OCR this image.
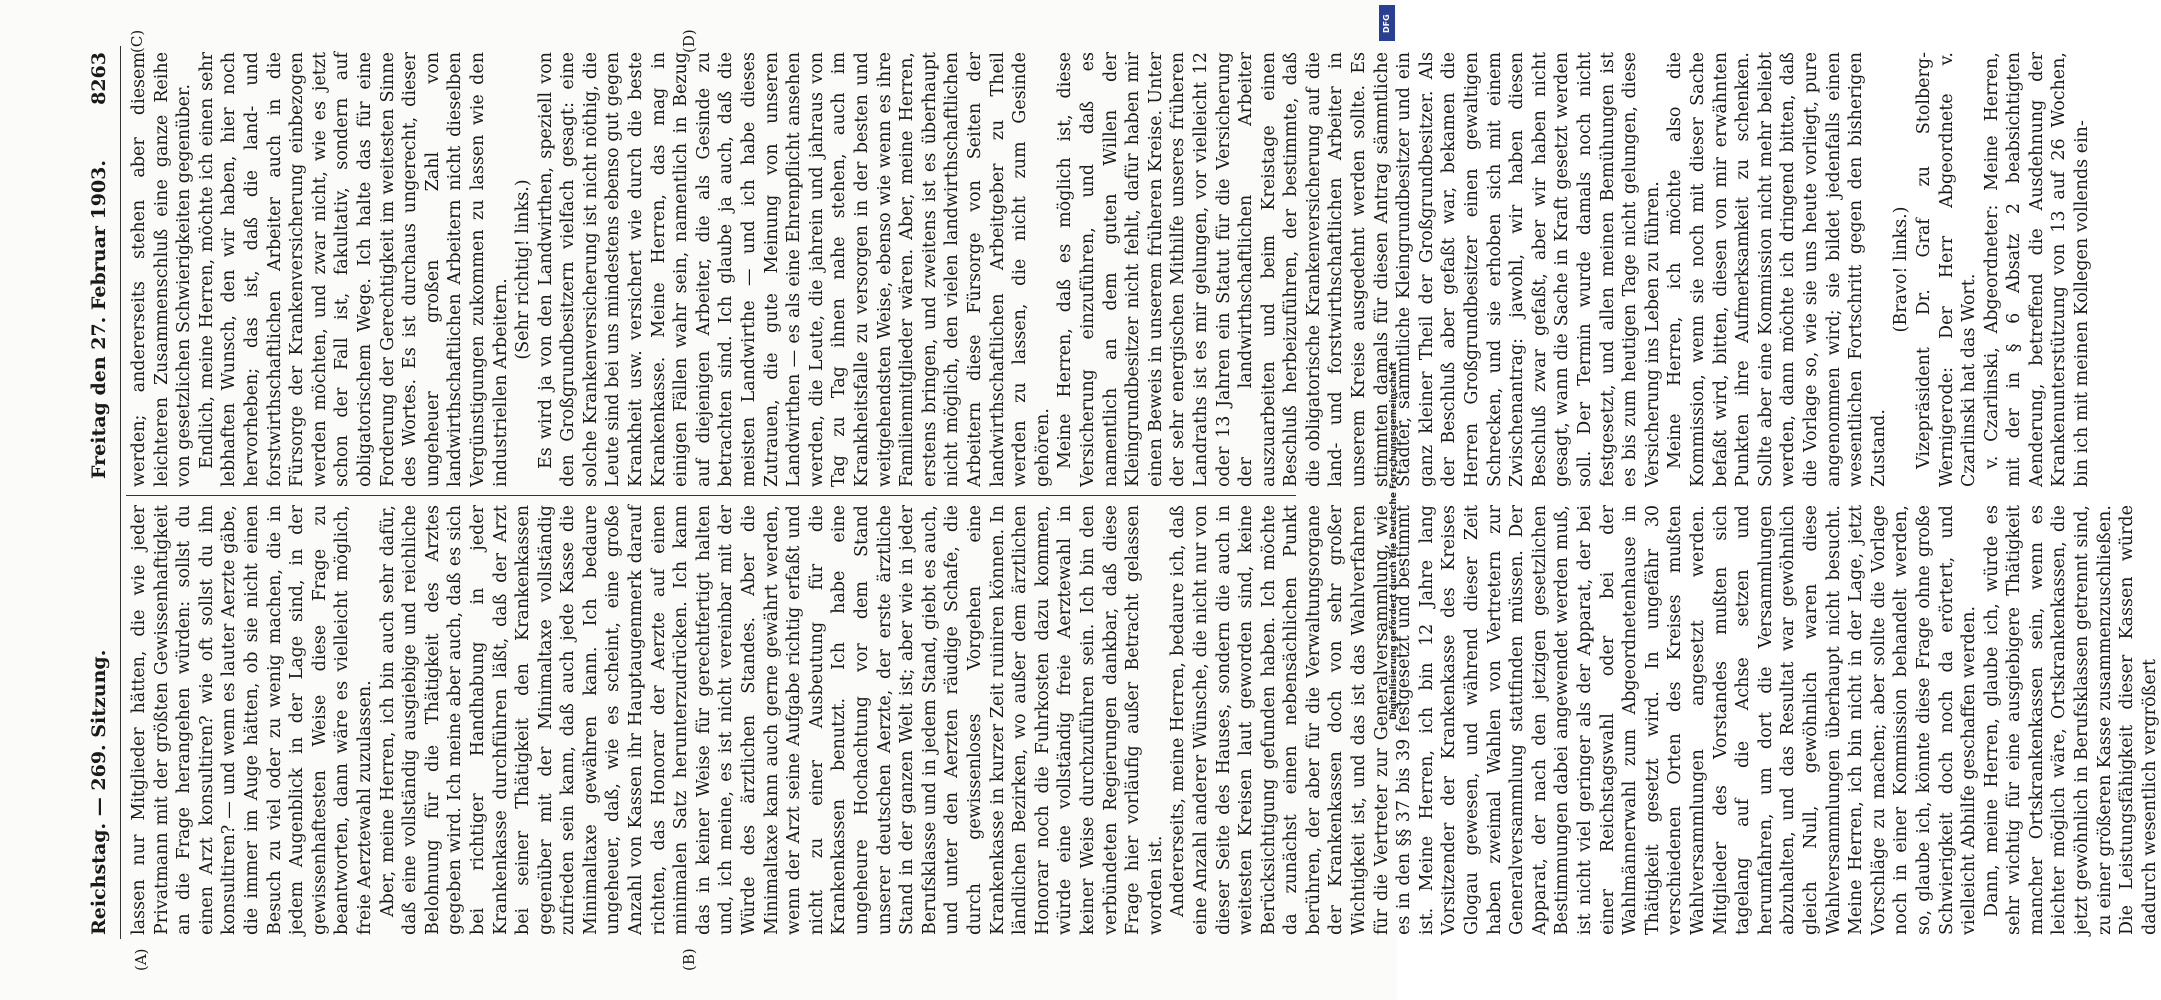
Reichstag. — 269. Sitzung.
8263
Freitag den 27. Februar 1903.
(A)	(B)
(C)	(D)

lassen nur Mitglieder hätten, die wie jeder Privatmann mit der größten Gewissenhaftigkeit an die Frage herangehen würden: sollst du einen Arzt konsultiren? wie oft sollst du ihn konsultiren? — und wenn es lauter Aerzte gäbe, die immer im Auge hätten, ob sie nicht einen Besuch zu viel oder zu wenig machen, die in jedem Augenblick in der Lage sind, in der gewissenhaftesten Weise diese Frage zu beantworten, dann wäre es vielleicht möglich, freie Aerztewahl zuzulassen. Aber, meine Herren, ich bin auch sehr dafür, daß eine vollständig ausgiebige und reichliche Belohnung für die Thätigkeit des Arztes gegeben wird. Ich meine aber auch, daß es sich bei richtiger Handhabung in jeder Krankenkasse durchführen läßt, daß der Arzt bei seiner Thätigkeit den Krankenkassen gegenüber mit der Minimaltaxe vollständig zufrieden sein kann, daß auch jede Kasse die Minimaltaxe gewähren kann. Ich bedaure ungeheuer, daß, wie es scheint, eine große Anzahl von Kassen ihr Hauptaugenmerk darauf richten, das Honorar der Aerzte auf einen minimalen Satz herunterzudrücken. Ich kann das in keiner Weise für gerechtfertigt halten und, ich meine, es ist nicht vereinbar mit der Würde des ärztlichen Standes. Aber die Minimaltaxe kann auch gerne gewährt werden, wenn der Arzt seine Aufgabe richtig erfaßt und nicht zu einer Ausbeutung für die Krankenkassen benutzt. Ich habe eine ungeheure Hochachtung vor dem Stand unserer deutschen Aerzte, der erste ärztliche Stand in der ganzen Welt ist; aber wie in jeder Berufsklasse und in jedem Stand, giebt es auch, und unter den Aerzten räudige Schafe, die durch gewissenloses Vorgehen eine Krankenkasse in kurzer Zeit ruiniren können. In ländlichen Bezirken, wo außer dem ärztlichen Honorar noch die Fuhrkosten dazu kommen, würde eine vollständig freie Aerztewahl in keiner Weise durchzuführen sein. Ich bin den verbündeten Regierungen dankbar, daß diese Frage hier vorläufig außer Betracht gelassen worden ist. Andererseits, meine Herren, bedaure ich, daß eine Anzahl anderer Wünsche, die nicht nur von dieser Seite des Hauses, sondern die auch in weitesten Kreisen laut geworden sind, keine Berücksichtigung gefunden haben. Ich möchte da zunächst einen nebensächlichen Punkt berühren, der aber für die Verwaltungsorgane der Krankenkassen doch von sehr großer Wichtigkeit ist, und das ist das Wahlverfahren für die Vertreter zur Generalversammlung, wie es in den §§ 37 bis 39 festgesetzt und bestimmt ist. Meine Herren, ich bin 12 Jahre lang Vorsitzender der Krankenkasse des Kreises Glogau gewesen, und während dieser Zeit haben zweimal Wahlen von Vertretern zur Generalversammlung stattfinden müssen. Der Apparat, der nach den jetzigen gesetzlichen Bestimmungen dabei angewendet werden muß, ist nicht viel geringer als der Apparat, der bei einer Reichstagswahl oder bei der Wahlmännerwahl zum Abgeordnetenhause in Thätigkeit gesetzt wird. In ungefähr 30 verschiedenen Orten des Kreises mußten Wahlversammlungen angesetzt werden. Mitglieder des Vorstandes mußten sich tagelang auf die Achse setzen und herumfahren, um dort die Versammlungen abzuhalten, und das Resultat war gewöhnlich gleich Null, gewöhnlich waren diese Wahlversammlungen überhaupt nicht besucht. Meine Herren, ich bin nicht in der Lage, jetzt Vorschläge zu machen; aber sollte die Vorlage noch in einer Kommission behandelt werden, so, glaube ich, könnte diese Frage ohne große Schwierigkeit doch noch da erörtert, und vielleicht Abhilfe geschaffen werden. Dann, meine Herren, glaube ich, würde es sehr wichtig für eine ausgiebigere Thätigkeit mancher Ortskrankenkassen sein, wenn es leichter möglich wäre, Ortskrankenkassen, die jetzt gewöhnlich in Berufsklassen getrennt sind, zu einer größeren Kasse zusammenzuschließen. Die Leistungsfähigkeit dieser Kassen würde dadurch wesentlich vergrößert

werden; andererseits stehen aber diesem leichteren Zusammenschluß eine ganze Reihe von gesetzlichen Schwierigkeiten gegenüber. Endlich, meine Herren, möchte ich einen sehr lebhaften Wunsch, den wir haben, hier noch hervorheben; das ist, daß die land- und forstwirthschaftlichen Arbeiter auch in die Fürsorge der Krankenversicherung einbezogen werden möchten, und zwar nicht, wie es jetzt schon der Fall ist, fakultativ, sondern auf obligatorischem Wege. Ich halte das für eine Forderung der Gerechtigkeit im weitesten Sinne des Wortes. Es ist durchaus ungerecht, dieser ungeheuer großen Zahl von landwirthschaftlichen Arbeitern nicht dieselben Vergünstigungen zukommen zu lassen wie den industriellen Arbeitern.

(Sehr richtig! links.) Es wird ja von den Landwirthen, speziell von den Großgrundbesitzern vielfach gesagt: eine solche Krankenversicherung ist nicht nöthig, die Leute sind bei uns mindestens ebenso gut gegen Krankheit usw. versichert wie durch die beste Krankenkasse. Meine Herren, das mag in einigen Fällen wahr sein, namentlich in Bezug auf diejenigen Arbeiter, die als Gesinde zu betrachten sind. Ich glaube ja auch, daß die meisten Landwirthe — und ich habe dieses Zutrauen, die gute Meinung von unseren Landwirthen — es als eine Ehrenpflicht ansehen werden, die Leute, die jahrein und jahraus von Tag zu Tag ihnen nahe stehen, auch im Krankheitsfalle zu versorgen in der besten und weitgehendsten Weise, ebenso wie wenn es ihre Familienmitglieder wären. Aber, meine Herren, erstens bringen, und zweitens ist es überhaupt nicht möglich, den vielen landwirthschaftlichen Arbeitern diese Fürsorge von Seiten der landwirthschaftlichen Arbeitgeber zu Theil werden zu lassen, die nicht zum Gesinde gehören. Meine Herren, daß es möglich ist, diese Versicherung einzuführen, und daß es namentlich an dem guten Willen der Kleingrundbesitzer nicht fehlt, dafür haben mir einen Beweis in unserem früheren Kreise. Unter der sehr energischen Mithilfe unseres früheren Landraths ist es mir gelungen, vor vielleicht 12 oder 13 Jahren ein Statut für die Versicherung der landwirthschaftlichen Arbeiter auszuarbeiten und beim Kreistage einen Beschluß herbeizuführen, der bestimmte, daß die obligatorische Krankenversicherung auf die land- und forstwirthschaftlichen Arbeiter in unserem Kreise ausgedehnt werden sollte. Es stimmten damals für diesen Antrag sämmtliche Städter, sämmtliche Kleingrundbesitzer und ein ganz kleiner Theil der Großgrundbesitzer. Als der Beschluß aber gefaßt war, bekamen die Herren Großgrundbesitzer einen gewaltigen Schrecken, und sie erhoben sich mit einem Zwischenantrag: jawohl, wir haben diesen Beschluß zwar gefaßt, aber wir haben nicht gesagt, wann die Sache in Kraft gesetzt werden soll. Der Termin wurde damals noch nicht festgesetzt, und allen meinen Bemühungen ist es bis zum heutigen Tage nicht gelungen, diese Versicherung ins Leben zu führen. Meine Herren, ich möchte also die Kommission, wenn sie noch mit dieser Sache befaßt wird, bitten, diesen von mir erwähnten Punkten ihre Aufmerksamkeit zu schenken. Sollte aber eine Kommission nicht mehr beliebt werden, dann möchte ich dringend bitten, daß die Vorlage so, wie sie uns heute vorliegt, pure angenommen wird; sie bildet jedenfalls einen wesentlichen Fortschritt gegen den bisherigen Zustand.

(Bravo! links.) Vizepräsident Dr. Graf zu Stolberg-Wernigerode: Der Herr Abgeordnete v. Czarlinski hat das Wort. v. Czarlinski, Abgeordneter: Meine Herren, mit der in § 6 Absatz 2 beabsichtigten Aenderung, betreffend die Ausdehnung der Krankenunterstützung von 13 auf 26 Wochen, bin ich mit meinen Kollegen vollends ein-

DFG
Digitalisierung gefördert durch die Deutsche Forschungsgemeinschaft
